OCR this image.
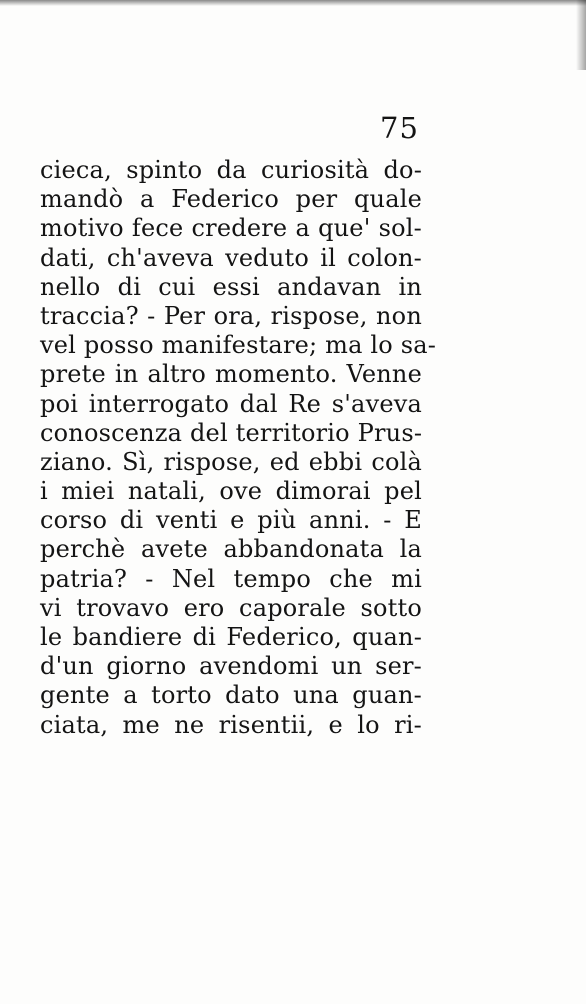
75
cieca, spinto da curiosità do-
mandò a Federico per quale
motivo fece credere a que' sol-
dati, ch'aveva veduto il colon-
nello di cui essi andavan in
traccia? - Per ora, rispose, non
vel posso manifestare; ma lo sa-
prete in altro momento. Venne
poi interrogato dal Re s'aveva
conoscenza del territorio Prus-
ziano. Sì, rispose, ed ebbi colà
i miei natali, ove dimorai pel
corso di venti e più anni. - E
perchè avete abbandonata la
patria? - Nel tempo che mi
vi trovavo ero caporale sotto
le bandiere di Federico, quan-
d'un giorno avendomi un ser-
gente a torto dato una guan-
ciata, me ne risentii, e lo ri-
